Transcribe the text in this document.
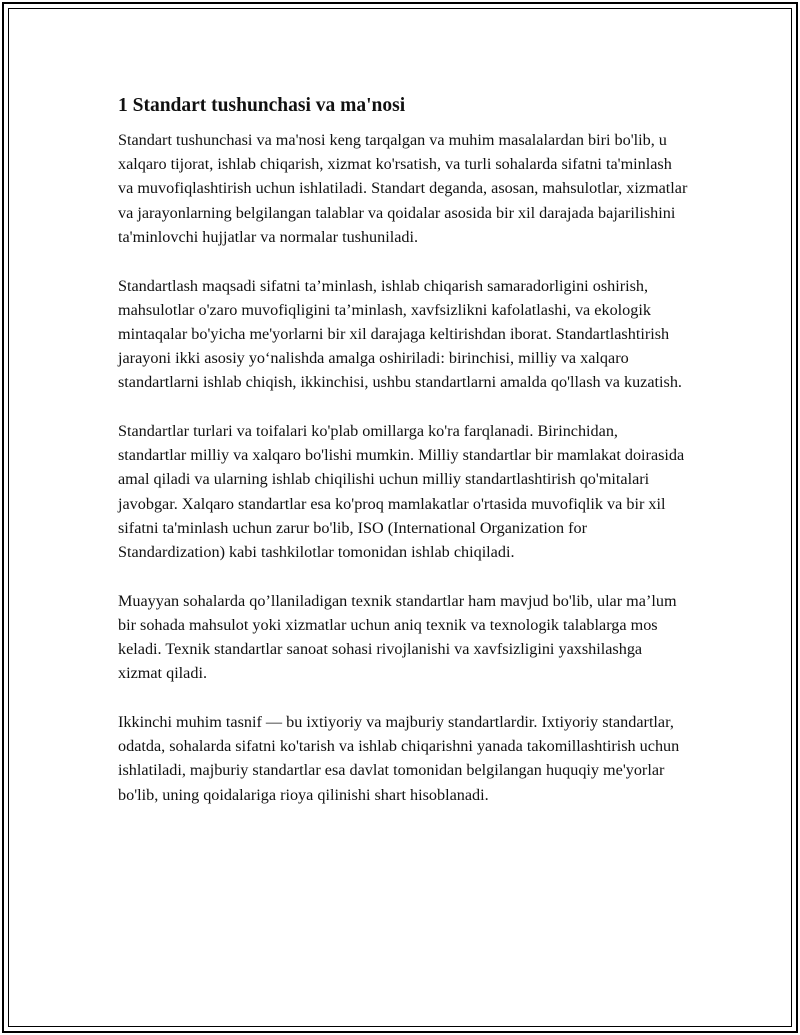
1 Standart tushunchasi va ma'nosi

Standart tushunchasi va ma'nosi keng tarqalgan va muhim masalalardan biri bo'lib, u xalqaro tijorat, ishlab chiqarish, xizmat ko'rsatish, va turli sohalarda sifatni ta'minlash va muvofiqlashtirish uchun ishlatiladi. Standart deganda, asosan, mahsulotlar, xizmatlar va jarayonlarning belgilangan talablar va qoidalar asosida bir xil darajada bajarilishini ta'minlovchi hujjatlar va normalar tushuniladi.

Standartlash maqsadi sifatni ta’minlash, ishlab chiqarish samaradorligini oshirish, mahsulotlar o'zaro muvofiqligini ta’minlash, xavfsizlikni kafolatlashi, va ekologik mintaqalar bo'yicha me'yorlarni bir xil darajaga keltirishdan iborat. Standartlashtirish jarayoni ikki asosiy yo‘nalishda amalga oshiriladi: birinchisi, milliy va xalqaro standartlarni ishlab chiqish, ikkinchisi, ushbu standartlarni amalda qo'llash va kuzatish.

Standartlar turlari va toifalari ko'plab omillarga ko'ra farqlanadi. Birinchidan, standartlar milliy va xalqaro bo'lishi mumkin. Milliy standartlar bir mamlakat doirasida amal qiladi va ularning ishlab chiqilishi uchun milliy standartlashtirish qo'mitalari javobgar. Xalqaro standartlar esa ko'proq mamlakatlar o'rtasida muvofiqlik va bir xil sifatni ta'minlash uchun zarur bo'lib, ISO (International Organization for Standardization) kabi tashkilotlar tomonidan ishlab chiqiladi.

Muayyan sohalarda qo’llaniladigan texnik standartlar ham mavjud bo'lib, ular ma’lum bir sohada mahsulot yoki xizmatlar uchun aniq texnik va texnologik talablarga mos keladi. Texnik standartlar sanoat sohasi rivojlanishi va xavfsizligini yaxshilashga xizmat qiladi.

Ikkinchi muhim tasnif — bu ixtiyoriy va majburiy standartlardir. Ixtiyoriy standartlar, odatda, sohalarda sifatni ko'tarish va ishlab chiqarishni yanada takomillashtirish uchun ishlatiladi, majburiy standartlar esa davlat tomonidan belgilangan huquqiy me'yorlar bo'lib, uning qoidalariga rioya qilinishi shart hisoblanadi.
